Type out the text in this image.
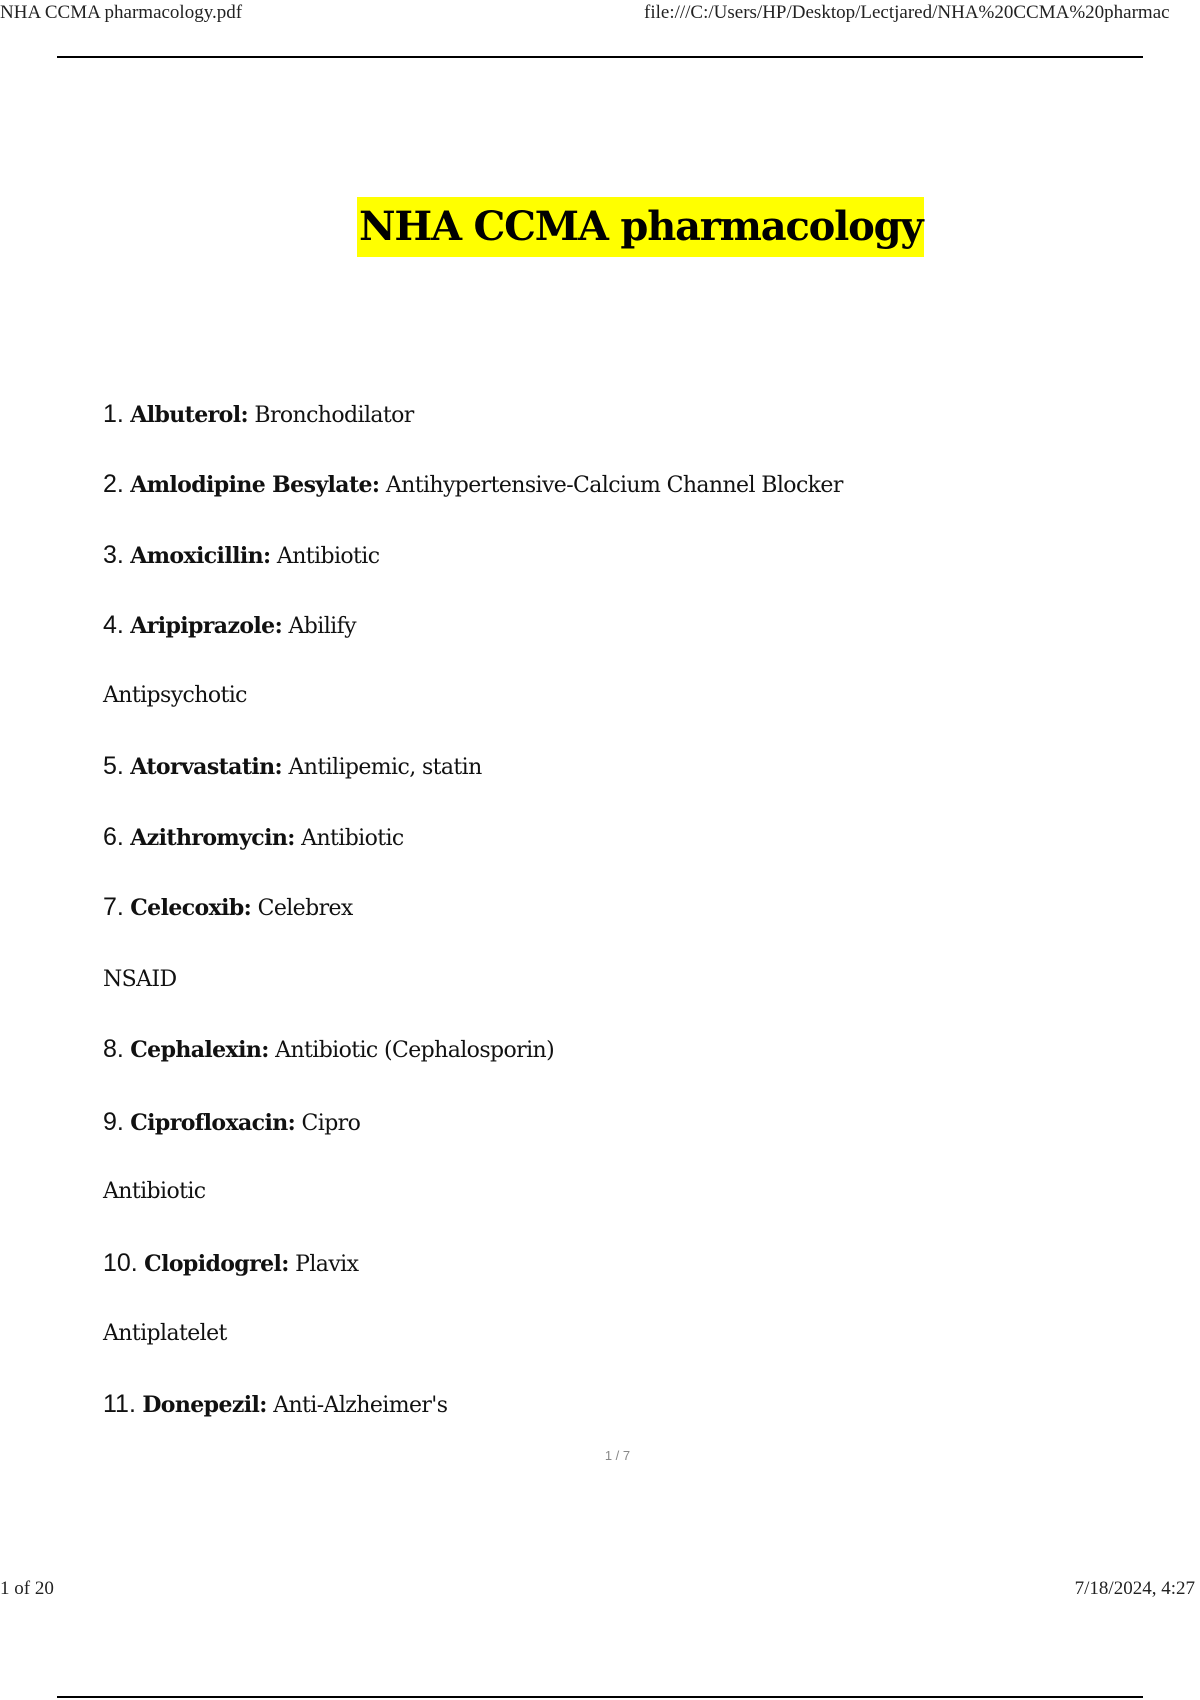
NHA CCMA pharmacology.pdf	file:///C:/Users/HP/Desktop/Lectjared/NHA%20CCMA%20pharmac
NHA CCMA pharmacology
1. Albuterol: Bronchodilator
2. Amlodipine Besylate: Antihypertensive-Calcium Channel Blocker
3. Amoxicillin: Antibiotic
4. Aripiprazole: Abilify
Antipsychotic
5. Atorvastatin: Antilipemic, statin
6. Azithromycin: Antibiotic
7. Celecoxib: Celebrex
NSAID
8. Cephalexin: Antibiotic (Cephalosporin)
9. Ciprofloxacin: Cipro
Antibiotic
10. Clopidogrel: Plavix
Antiplatelet
11. Donepezil: Anti-Alzheimer's
1 / 7
1 of 20	7/18/2024, 4:27
